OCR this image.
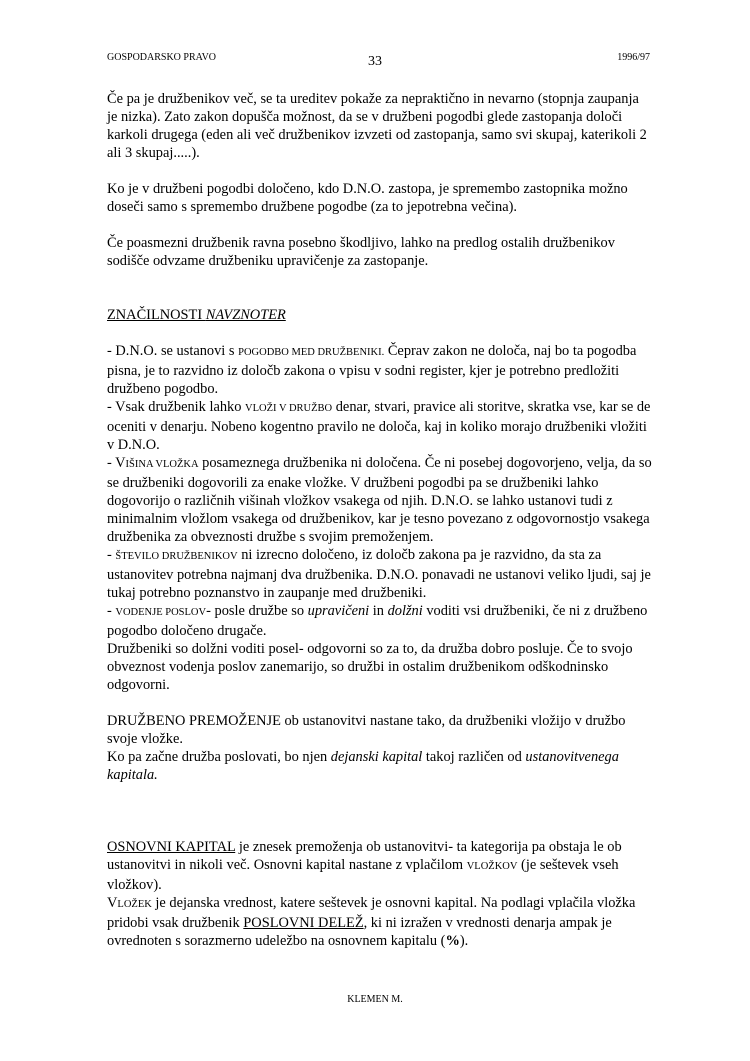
GOSPODARSKO PRAVO	33	1996/97

Če pa je družbenikov več, se ta ureditev pokaže za nepraktično in nevarno (stopnja zaupanja je nizka). Zato zakon dopušča možnost, da se v družbeni pogodbi glede zastopanja določi karkoli drugega (eden ali več družbenikov izvzeti od zastopanja, samo svi skupaj, katerikoli 2 ali 3 skupaj.....).

Ko je v družbeni pogodbi določeno, kdo D.N.O. zastopa, je spremembo zastopnika možno doseči samo s spremembo družbene pogodbe (za to jepotrebna večina).

Če poasmezni družbenik ravna posebno škodljivo, lahko na predlog ostalih družbenikov sodišče odvzame družbeniku upravičenje za zastopanje.

ZNAČILNOSTI NAVZNOTER

- D.N.O. se ustanovi s POGODBO MED DRUŽBENIKI. Čeprav zakon ne določa, naj bo ta pogodba pisna, je to razvidno iz določb zakona o vpisu v sodni register, kjer je potrebno predložiti družbeno pogodbo.

- Vsak družbenik lahko VLOŽI V DRUŽBO denar, stvari, pravice ali storitve, skratka vse, kar se de oceniti v denarju. Nobeno kogentno pravilo ne določa, kaj in koliko morajo družbeniki vložiti v D.N.O.

- VIŠINA VLOŽKA posameznega družbenika ni določena. Če ni posebej dogovorjeno, velja, da so se družbeniki dogovorili za enake vložke. V družbeni pogodbi pa se družbeniki lahko dogovorijo o različnih višinah vložkov vsakega od njih. D.N.O. se lahko ustanovi tudi z minimalnim vložlom vsakega od družbenikov, kar je tesno povezano z odgovornostjo vsakega družbenika za obveznosti družbe s svojim premoženjem.

- ŠTEVILO DRUŽBENIKOV ni izrecno določeno, iz določb zakona pa je razvidno, da sta za ustanovitev potrebna najmanj dva družbenika. D.N.O. ponavadi ne ustanovi veliko ljudi, saj je tukaj potrebno poznanstvo in zaupanje med družbeniki.

- VODENJE POSLOV- posle družbe so upravičeni in dolžni voditi vsi družbeniki, če ni z družbeno pogodbo določeno drugače.

Družbeniki so dolžni voditi posel- odgovorni so za to, da družba dobro posluje. Če to svojo obveznost vodenja poslov zanemarijo, so družbi in ostalim družbenikom odškodninsko odgovorni.

DRUŽBENO PREMOŽENJE ob ustanovitvi nastane tako, da družbeniki vložijo v družbo svoje vložke.

Ko pa začne družba poslovati, bo njen dejanski kapital takoj različen od ustanovitvenega kapitala.

OSNOVNI KAPITAL je znesek premoženja ob ustanovitvi- ta kategorija pa obstaja le ob ustanovitvi in nikoli več. Osnovni kapital nastane z vplačilom VLOŽKOV (je seštevek vseh vložkov).

VLOŽEK je dejanska vrednost, katere seštevek je osnovni kapital. Na podlagi vplačila vložka pridobi vsak družbenik POSLOVNI DELEŽ, ki ni izražen v vrednosti denarja ampak je ovrednoten s sorazmerno udeležbo na osnovnem kapitalu (%).

KLEMEN M.
